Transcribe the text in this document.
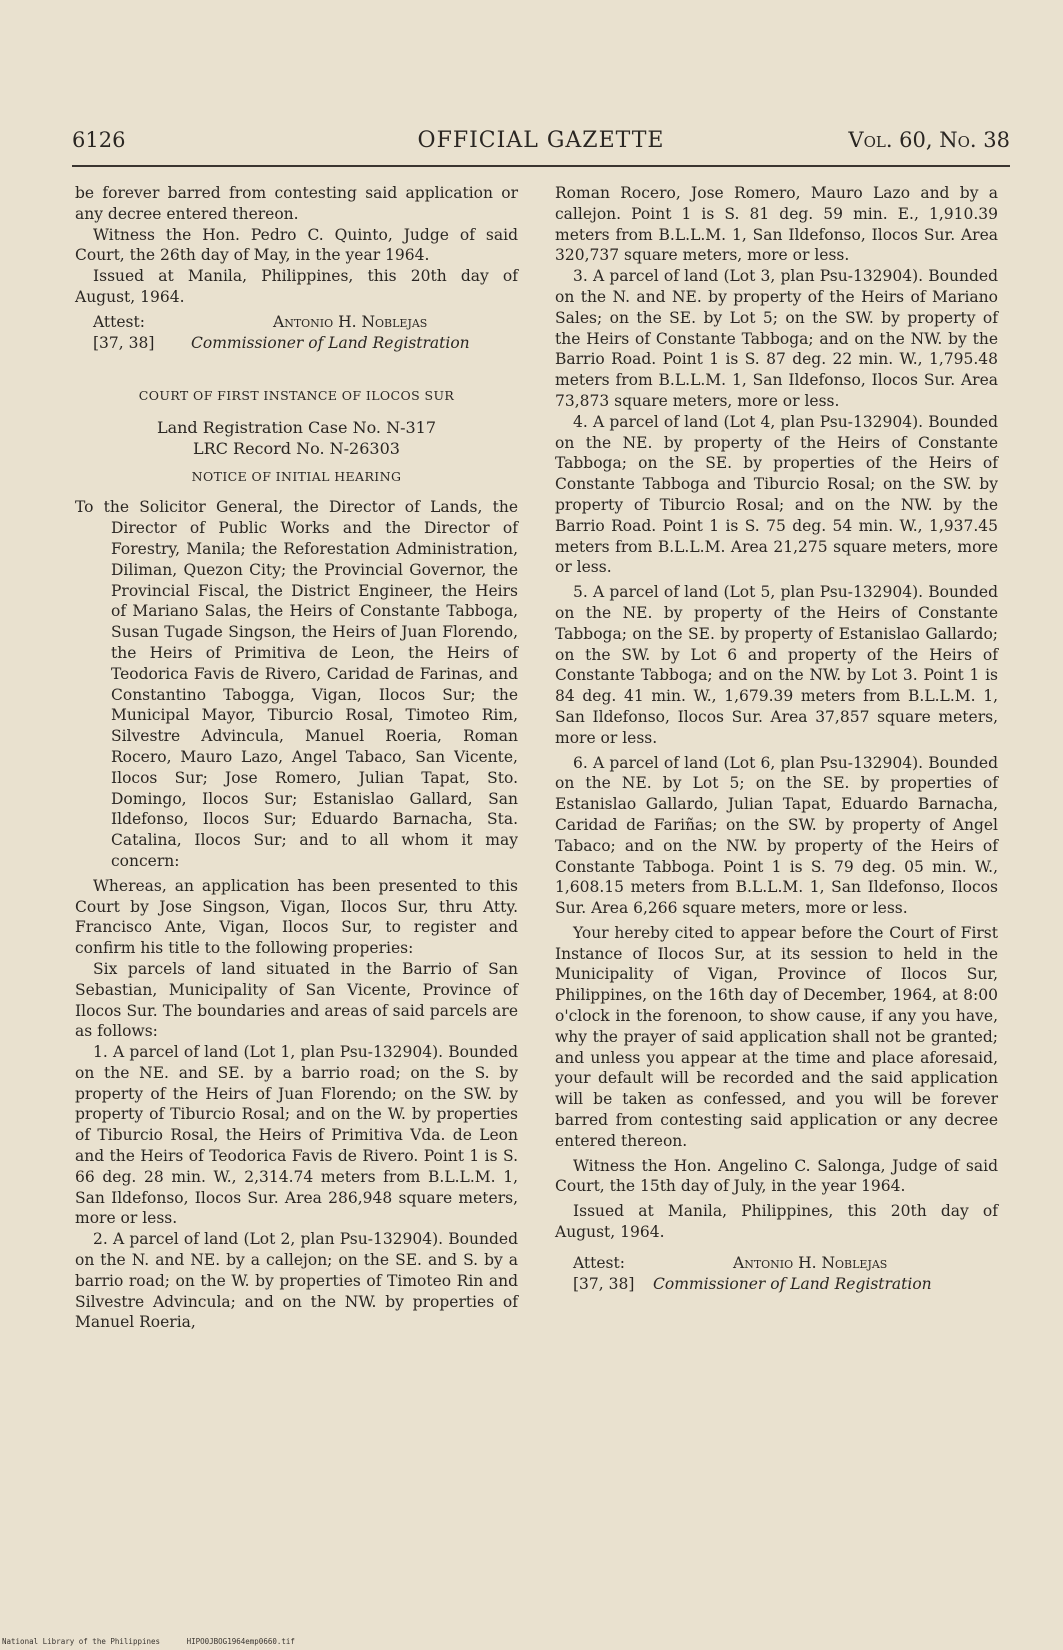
6126	OFFICIAL GAZETTE	Vol. 60, No. 38

be forever barred from contesting said application or any decree entered thereon.

Witness the Hon. Pedro C. Quinto, Judge of said Court, the 26th day of May, in the year 1964.

Issued at Manila, Philippines, this 20th day of August, 1964.

Attest:	Antonio H. Noblejas
[37, 38] Commissioner of Land Registration
COURT OF FIRST INSTANCE OF ILOCOS SUR
Land Registration Case No. N-317
LRC Record No. N-26303
NOTICE OF INITIAL HEARING

To the Solicitor General, the Director of Lands, the Director of Public Works and the Director of Forestry, Manila; the Reforestation Administration, Diliman, Quezon City; the Provincial Governor, the Provincial Fiscal, the District Engineer, the Heirs of Mariano Salas, the Heirs of Constante Tabboga, Susan Tugade Singson, the Heirs of Juan Florendo, the Heirs of Primitiva de Leon, the Heirs of Teodorica Favis de Rivero, Caridad de Farinas, and Constantino Tabogga, Vigan, Ilocos Sur; the Municipal Mayor, Tiburcio Rosal, Timoteo Rim, Silvestre Advincula, Manuel Roeria, Roman Rocero, Mauro Lazo, Angel Tabaco, San Vicente, Ilocos Sur; Jose Romero, Julian Tapat, Sto. Domingo, Ilocos Sur; Estanislao Gallard, San Ildefonso, Ilocos Sur; Eduardo Barnacha, Sta. Catalina, Ilocos Sur; and to all whom it may concern:

Whereas, an application has been presented to this Court by Jose Singson, Vigan, Ilocos Sur, thru Atty. Francisco Ante, Vigan, Ilocos Sur, to register and confirm his title to the following properies:

Six parcels of land situated in the Barrio of San Sebastian, Municipality of San Vicente, Province of Ilocos Sur. The boundaries and areas of said parcels are as follows:

1. A parcel of land (Lot 1, plan Psu-132904). Bounded on the NE. and SE. by a barrio road; on the S. by property of the Heirs of Juan Florendo; on the SW. by property of Tiburcio Rosal; and on the W. by properties of Tiburcio Rosal, the Heirs of Primitiva Vda. de Leon and the Heirs of Teodorica Favis de Rivero. Point 1 is S. 66 deg. 28 min. W., 2,314.74 meters from B.L.L.M. 1, San Ildefonso, Ilocos Sur. Area 286,948 square meters, more or less.

2. A parcel of land (Lot 2, plan Psu-132904). Bounded on the N. and NE. by a callejon; on the SE. and S. by a barrio road; on the W. by properties of Timoteo Rin and Silvestre Advincula; and on the NW. by properties of Manuel Roeria,

Roman Rocero, Jose Romero, Mauro Lazo and by a callejon. Point 1 is S. 81 deg. 59 min. E., 1,910.39 meters from B.L.L.M. 1, San Ildefonso, Ilocos Sur. Area 320,737 square meters, more or less.

3. A parcel of land (Lot 3, plan Psu-132904). Bounded on the N. and NE. by property of the Heirs of Mariano Sales; on the SE. by Lot 5; on the SW. by property of the Heirs of Constante Tabboga; and on the NW. by the Barrio Road. Point 1 is S. 87 deg. 22 min. W., 1,795.48 meters from B.L.L.M. 1, San Ildefonso, Ilocos Sur. Area 73,873 square meters, more or less.

4. A parcel of land (Lot 4, plan Psu-132904). Bounded on the NE. by property of the Heirs of Constante Tabboga; on the SE. by properties of the Heirs of Constante Tabboga and Tiburcio Rosal; on the SW. by property of Tiburcio Rosal; and on the NW. by the Barrio Road. Point 1 is S. 75 deg. 54 min. W., 1,937.45 meters from B.L.L.M. Area 21,275 square meters, more or less.

5. A parcel of land (Lot 5, plan Psu-132904). Bounded on the NE. by property of the Heirs of Constante Tabboga; on the SE. by property of Estanislao Gallardo; on the SW. by Lot 6 and property of the Heirs of Constante Tabboga; and on the NW. by Lot 3. Point 1 is 84 deg. 41 min. W., 1,679.39 meters from B.L.L.M. 1, San Ildefonso, Ilocos Sur. Area 37,857 square meters, more or less.

6. A parcel of land (Lot 6, plan Psu-132904). Bounded on the NE. by Lot 5; on the SE. by properties of Estanislao Gallardo, Julian Tapat, Eduardo Barnacha, Caridad de Fariñas; on the SW. by property of Angel Tabaco; and on the NW. by property of the Heirs of Constante Tabboga. Point 1 is S. 79 deg. 05 min. W., 1,608.15 meters from B.L.L.M. 1, San Ildefonso, Ilocos Sur. Area 6,266 square meters, more or less.

Your hereby cited to appear before the Court of First Instance of Ilocos Sur, at its session to held in the Municipality of Vigan, Province of Ilocos Sur, Philippines, on the 16th day of December, 1964, at 8:00 o'clock in the forenoon, to show cause, if any you have, why the prayer of said application shall not be granted; and unless you appear at the time and place aforesaid, your default will be recorded and the said application will be taken as confessed, and you will be forever barred from contesting said application or any decree entered thereon.

Witness the Hon. Angelino C. Salonga, Judge of said Court, the 15th day of July, in the year 1964.

Issued at Manila, Philippines, this 20th day of August, 1964.

Attest:	Antonio H. Noblejas
[37, 38] Commissioner of Land Registration
National Library of the Philippines	HIPO0JBOG1964emp0660.tif
